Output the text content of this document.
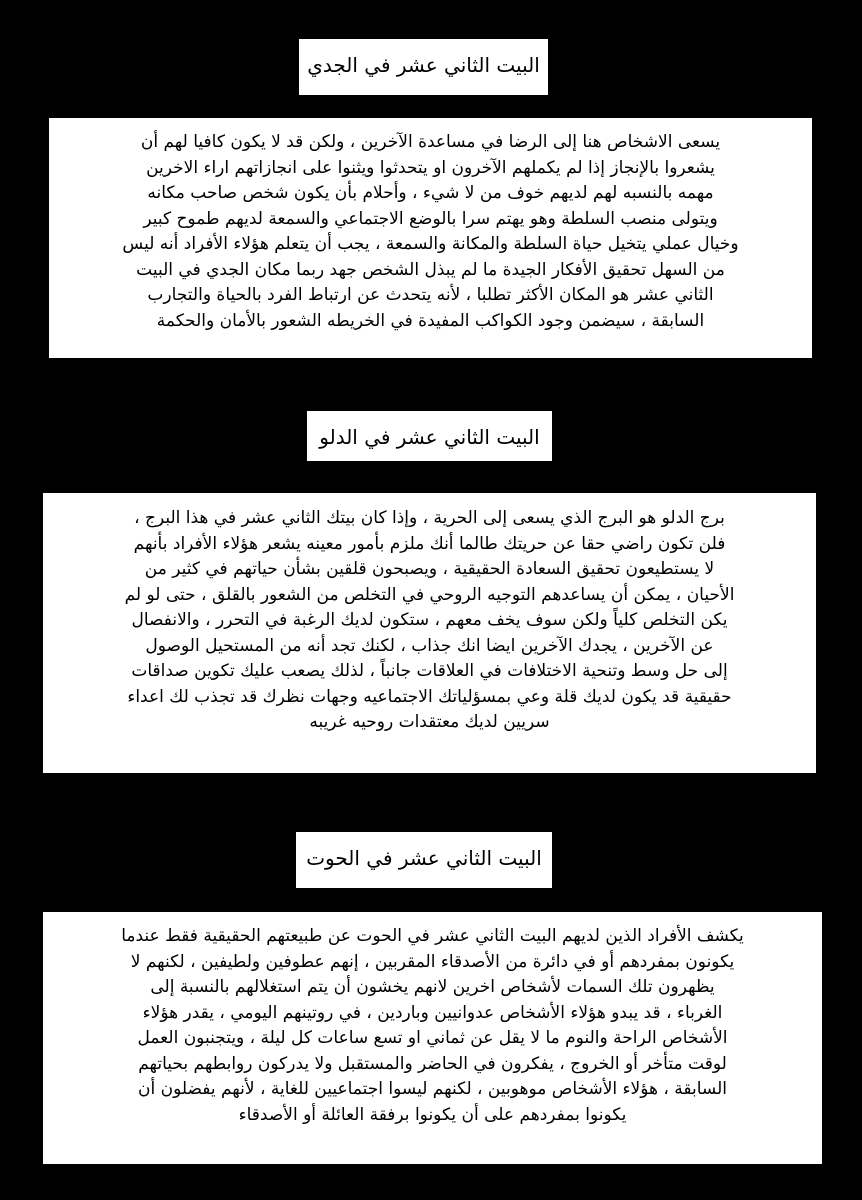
البيت الثاني عشر في الجدي
يسعى الاشخاص هنا إلى الرضا في مساعدة الآخرين ، ولكن قد لا يكون كافيا لهم أن
يشعروا بالإنجاز إذا لم يكملهم الآخرون او يتحدثوا ويثنوا على انجازاتهم اراء الاخرين
مهمه بالنسبه لهم لديهم خوف من لا شيء ، وأحلام بأن يكون شخص صاحب مكانه
ويتولى منصب السلطة وهو يهتم سرا بالوضع الاجتماعي والسمعة لديهم طموح كبير
وخيال عملي يتخيل حياة السلطة والمكانة والسمعة ، يجب أن يتعلم هؤلاء الأفراد أنه ليس
من السهل تحقيق الأفكار الجيدة ما لم يبذل الشخص جهد ربما مكان الجدي في البيت
الثاني عشر هو المكان الأكثر تطلبا ، لأنه يتحدث عن ارتباط الفرد بالحياة والتجارب
السابقة ، سيضمن وجود الكواكب المفيدة في الخريطه الشعور بالأمان والحكمة
البيت الثاني عشر في الدلو
برج الدلو هو البرج الذي يسعى إلى الحرية ، وإذا كان بيتك الثاني عشر في هذا البرج ،
فلن تكون راضي حقا عن حريتك طالما أنك ملزم بأمور معينه يشعر هؤلاء الأفراد بأنهم
لا يستطيعون تحقيق السعادة الحقيقية ، ويصبحون قلقين بشأن حياتهم في كثير من
الأحيان ، يمكن أن يساعدهم التوجيه الروحي في التخلص من الشعور بالقلق ، حتى لو لم
يكن التخلص كلياً ولكن سوف يخف معهم ، ستكون لديك الرغبة في التحرر ، والانفصال
عن الآخرين ، يجدك الآخرين ايضا انك جذاب ، لكنك تجد أنه من المستحيل الوصول
إلى حل وسط وتنحية الاختلافات في العلاقات جانباً ، لذلك يصعب عليك تكوين صداقات
حقيقية قد يكون لديك قلة وعي بمسؤلياتك الاجتماعيه وجهات نظرك قد تجذب لك اعداء
سريين لديك معتقدات روحيه غريبه
البيت الثاني عشر في الحوت
يكشف الأفراد الذين لديهم البيت الثاني عشر في الحوت عن طبيعتهم الحقيقية فقط عندما
يكونون بمفردهم أو في دائرة من الأصدقاء المقربين ، إنهم عطوفين ولطيفين ، لكنهم لا
يظهرون تلك السمات لأشخاص اخرين لانهم يخشون أن يتم استغلالهم بالنسبة إلى
الغرباء ، قد يبدو هؤلاء الأشخاص عدوانيين وباردين ، في روتينهم اليومي ، يقدر هؤلاء
الأشخاص الراحة والنوم ما لا يقل عن ثماني او تسع ساعات كل ليلة ، ويتجنبون العمل
لوقت متأخر أو الخروج ، يفكرون في الحاضر والمستقبل ولا يدركون روابطهم بحياتهم
السابقة ، هؤلاء الأشخاص موهوبين ، لكنهم ليسوا اجتماعيين للغاية ، لأنهم يفضلون أن
يكونوا بمفردهم على أن يكونوا برفقة العائلة أو الأصدقاء
